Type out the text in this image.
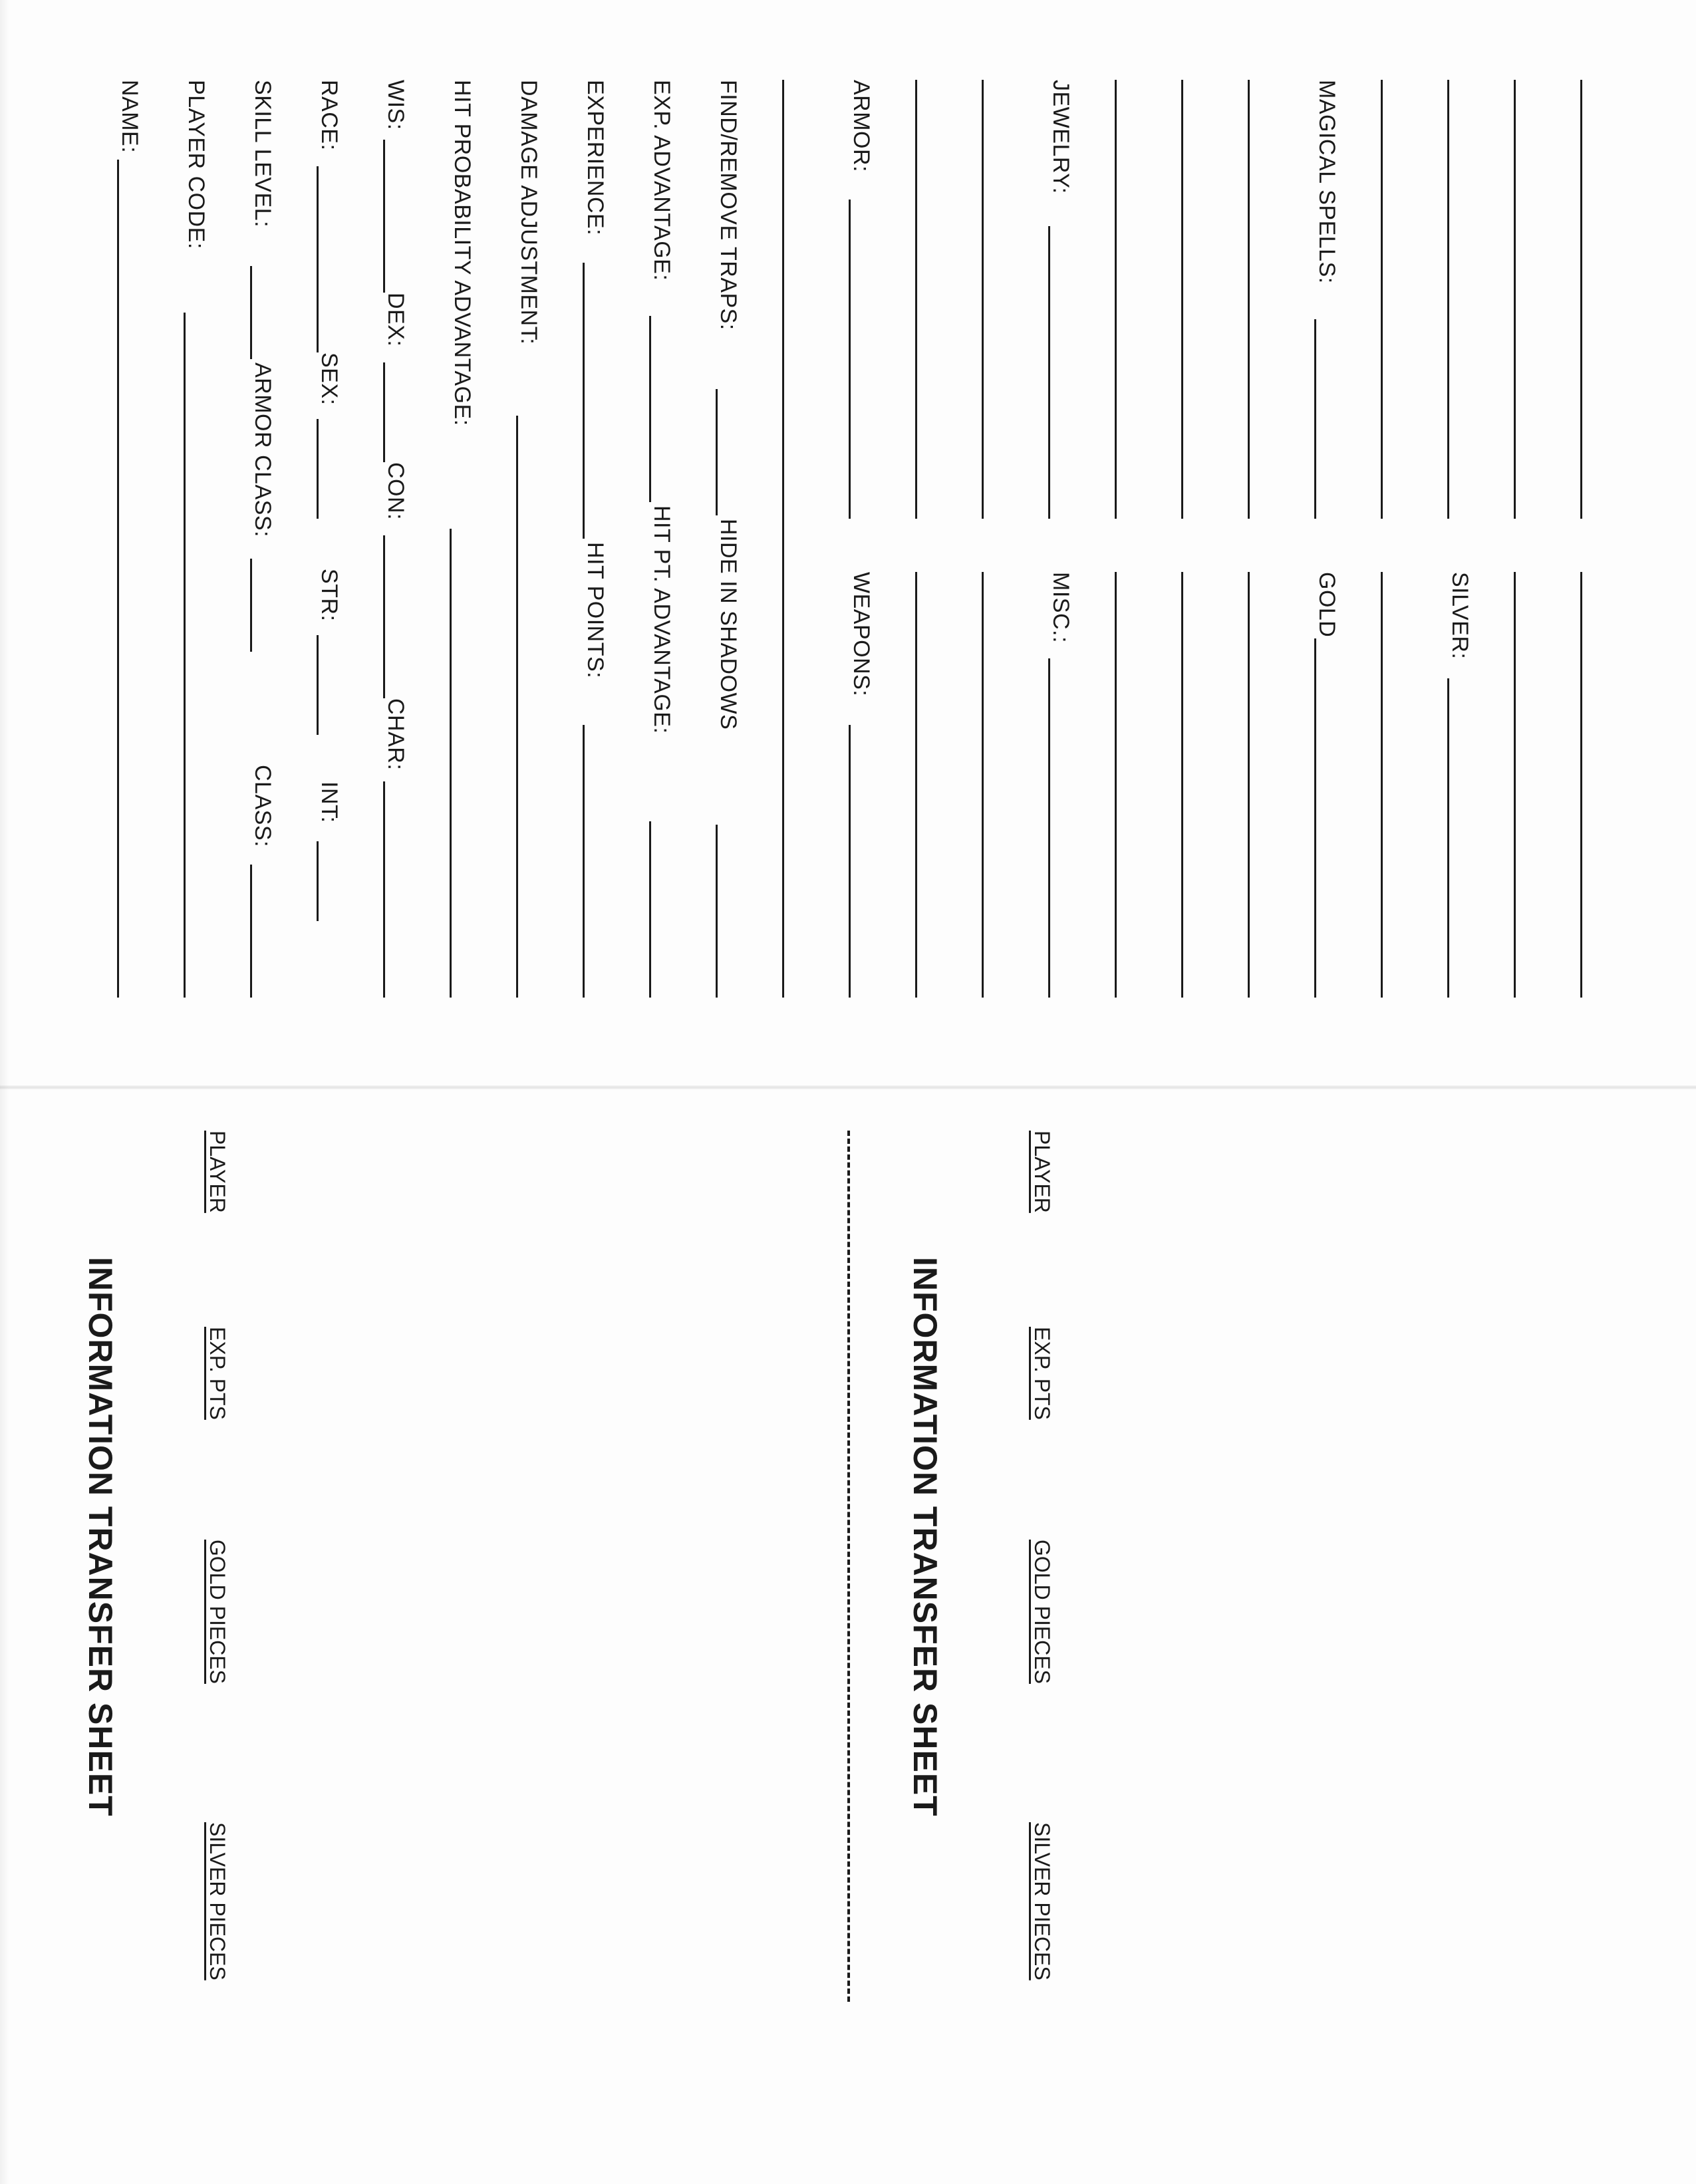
NAME: PLAYER CODE: SKILL LEVEL:
ARMOR CLASS:
CLASS:
RACE:
SEX:
STR:
INT:
WIS:
DEX:
CON:
CHAR:
HIT PROBABILITY ADVANTAGE: DAMAGE ADJUSTMENT: EXPERIENCE:
HIT POINTS:
EXP. ADVANTAGE:
HIT PT. ADVANTAGE:
FIND/REMOVE TRAPS:
HIDE IN SHADOWS
ARMOR:
WEAPONS:
JEWELRY:
MISC.:
MAGICAL SPELLS:
GOLD	SILVER:
INFORMATION TRANSFER SHEET
PLAYER
EXP. PTS
GOLD PIECES
SILVER PIECES
INFORMATION TRANSFER SHEET
PLAYER
EXP. PTS
GOLD PIECES
SILVER PIECES
